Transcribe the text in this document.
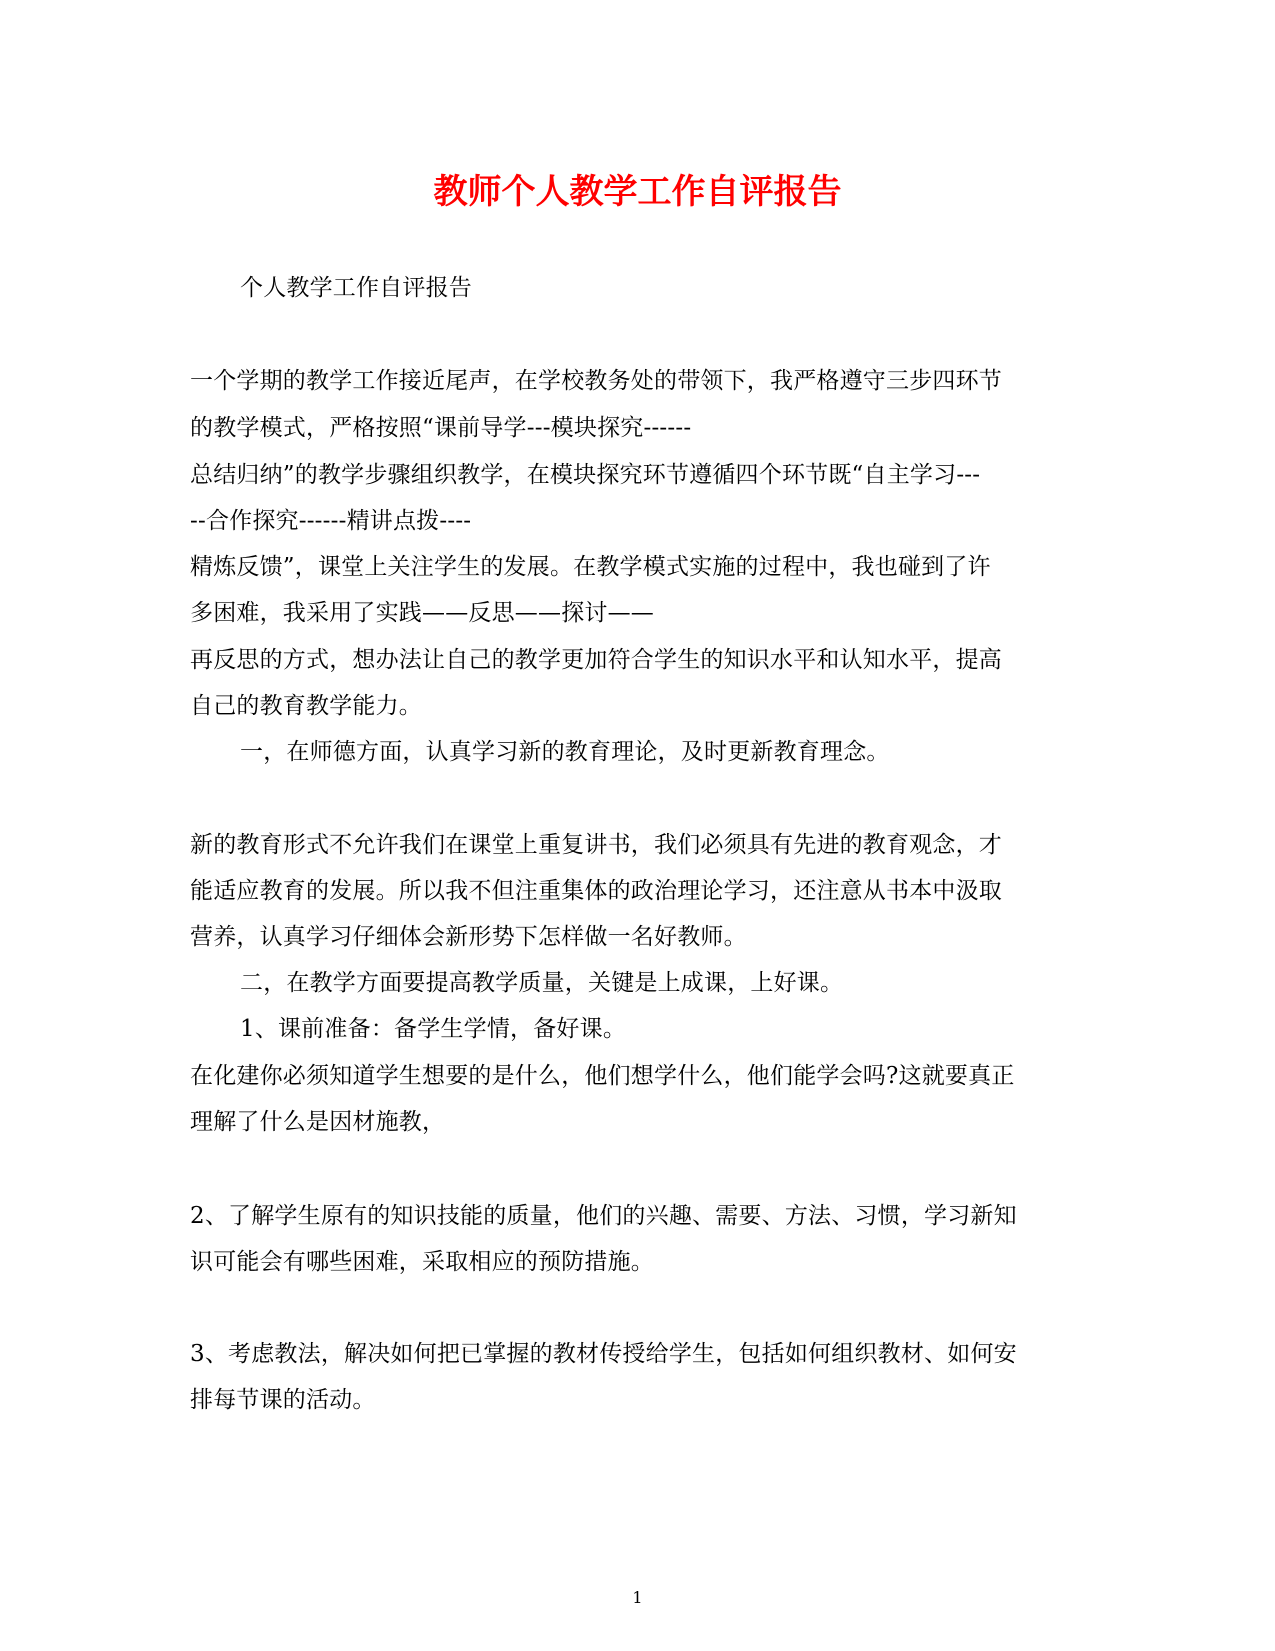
教师个人教学工作自评报告
个人教学工作自评报告
一个学期的教学工作接近尾声，在学校教务处的带领下，我严格遵守三步四环节
的教学模式，严格按照“课前导学---模块探究------
总结归纳”的教学步骤组织教学，在模块探究环节遵循四个环节既“自主学习---
--合作探究------精讲点拨----
精炼反馈”，课堂上关注学生的发展。在教学模式实施的过程中，我也碰到了许
多困难，我采用了实践——反思——探讨——
再反思的方式，想办法让自己的教学更加符合学生的知识水平和认知水平，提高
自己的教育教学能力。
一，在师德方面，认真学习新的教育理论，及时更新教育理念。
新的教育形式不允许我们在课堂上重复讲书，我们必须具有先进的教育观念，才
能适应教育的发展。所以我不但注重集体的政治理论学习，还注意从书本中汲取
营养，认真学习仔细体会新形势下怎样做一名好教师。
二，在教学方面要提高教学质量，关键是上成课，上好课。
1、课前准备：备学生学情，备好课。
在化建你必须知道学生想要的是什么，他们想学什么，他们能学会吗?这就要真正
理解了什么是因材施教，
2、了解学生原有的知识技能的质量，他们的兴趣、需要、方法、习惯，学习新知
识可能会有哪些困难，采取相应的预防措施。
3、考虑教法，解决如何把已掌握的教材传授给学生，包括如何组织教材、如何安
排每节课的活动。
1
